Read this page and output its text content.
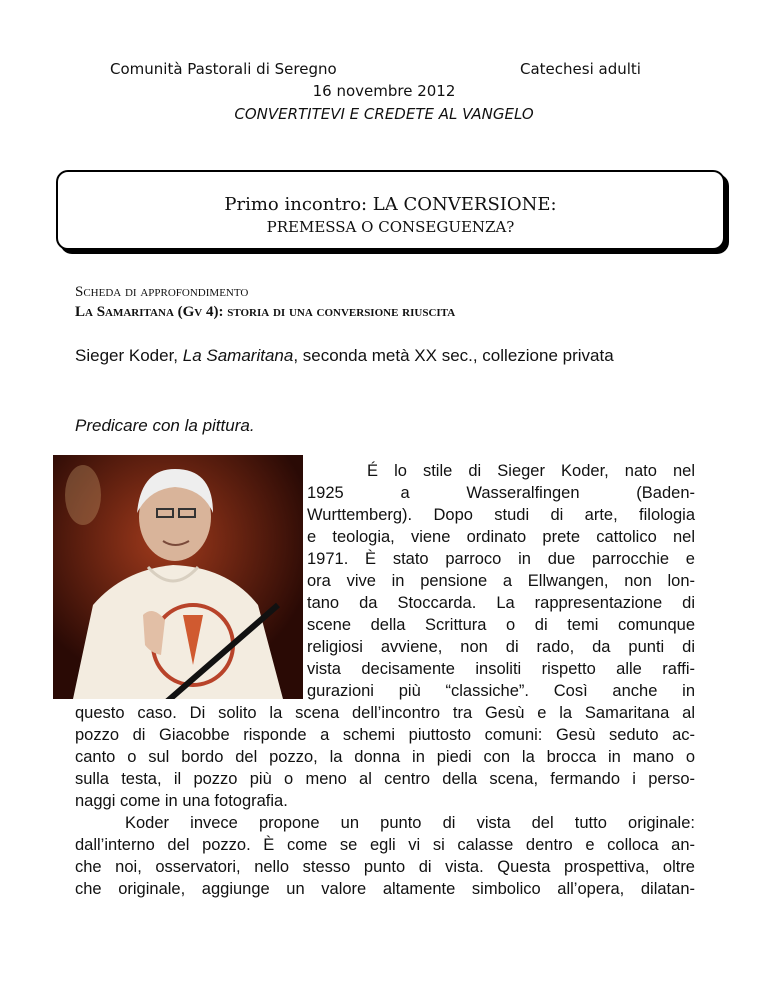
Comunità Pastorali di Seregno	Catechesi adulti
16 novembre 2012
CONVERTITEVI E CREDETE AL VANGELO
Primo incontro: LA CONVERSIONE:
PREMESSA O CONSEGUENZA?
Scheda di approfondimento
La Samaritana (Gv 4): storia di una conversione riuscita
Sieger Koder, La Samaritana, seconda metà XX sec., collezione privata
Predicare con la pittura.
É lo stile di Sieger Koder, nato nel
1925 a Wasseralfingen (Baden-
Wurttemberg). Dopo studi di arte, filologia
e teologia, viene ordinato prete cattolico nel
1971. È stato parroco in due parrocchie e
ora vive in pensione a Ellwangen, non lon-
tano da Stoccarda. La rappresentazione di
scene della Scrittura o di temi comunque
religiosi avviene, non di rado, da punti di
vista decisamente insoliti rispetto alle raffi-
gurazioni più “classiche”. Così anche in
questo caso. Di solito la scena dell’incontro tra Gesù e la Samaritana al
pozzo di Giacobbe risponde a schemi piuttosto comuni: Gesù seduto ac-
canto o sul bordo del pozzo, la donna in piedi con la brocca in mano o
sulla testa, il pozzo più o meno al centro della scena, fermando i perso-
naggi come in una fotografia.
Koder invece propone un punto di vista del tutto originale:
dall’interno del pozzo. È come se egli vi si calasse dentro e colloca an-
che noi, osservatori, nello stesso punto di vista. Questa prospettiva, oltre
che originale, aggiunge un valore altamente simbolico all’opera, dilatan-
